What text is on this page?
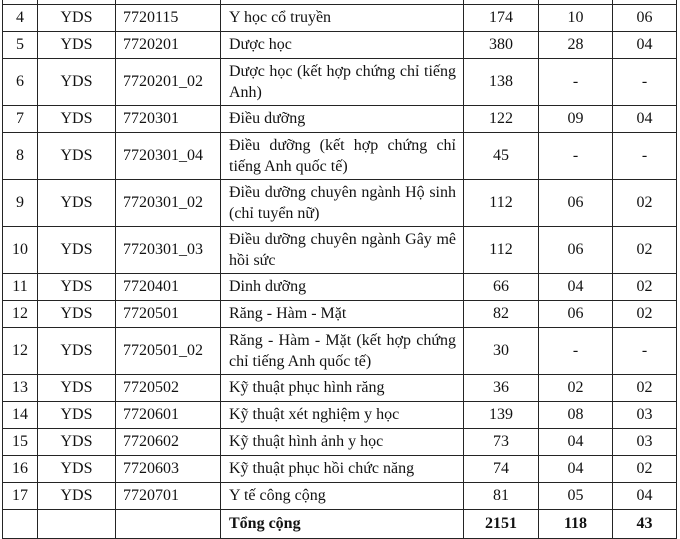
4	YDS	7720115	Y học cổ truyền	174	10	06
5	YDS	7720201	Dược học	380	28	04
6	YDS	7720201_02	Dược học (kết hợp chứng chỉ tiếng Anh)	138	-	-
7	YDS	7720301	Điều dưỡng	122	09	04
8	YDS	7720301_04	Điều dưỡng (kết hợp chứng chỉ tiếng Anh quốc tế)	45	-	-
9	YDS	7720301_02	Điều dưỡng chuyên ngành Hộ sinh (chỉ tuyển nữ)	112	06	02
10	YDS	7720301_03	Điều dưỡng chuyên ngành Gây mê hồi sức	112	06	02
11	YDS	7720401	Dinh dưỡng	66	04	02
12	YDS	7720501	Răng - Hàm - Mặt	82	06	02
12	YDS	7720501_02	Răng - Hàm - Mặt (kết hợp chứng chỉ tiếng Anh quốc tế)	30	-	-
13	YDS	7720502	Kỹ thuật phục hình răng	36	02	02
14	YDS	7720601	Kỹ thuật xét nghiệm y học	139	08	03
15	YDS	7720602	Kỹ thuật hình ảnh y học	73	04	03
16	YDS	7720603	Kỹ thuật phục hồi chức năng	74	04	02
17	YDS	7720701	Y tế công cộng	81	05	04
			Tổng cộng	2151	118	43
